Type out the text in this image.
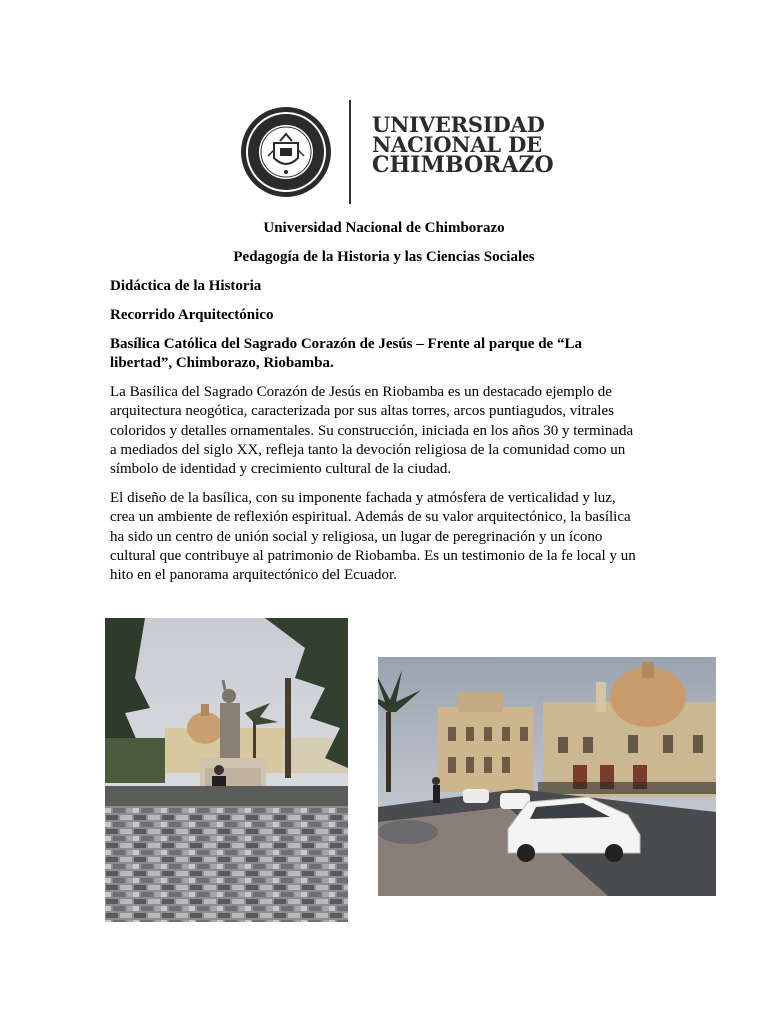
UNIVERSIDAD

NACIONAL DE

CHIMBORAZO

Universidad Nacional de Chimborazo
Pedagogía de la Historia y las Ciencias Sociales
Didáctica de la Historia
Recorrido Arquitectónico
Basílica Católica del Sagrado Corazón de Jesús – Frente al parque de “La
libertad”, Chimborazo, Riobamba.
La Basílica del Sagrado Corazón de Jesús en Riobamba es un destacado ejemplo de
arquitectura neogótica, caracterizada por sus altas torres, arcos puntiagudos, vitrales
coloridos y detalles ornamentales. Su construcción, iniciada en los años 30 y terminada
a mediados del siglo XX, refleja tanto la devoción religiosa de la comunidad como un
símbolo de identidad y crecimiento cultural de la ciudad.
El diseño de la basílica, con su imponente fachada y atmósfera de verticalidad y luz,
crea un ambiente de reflexión espiritual. Además de su valor arquitectónico, la basílica
ha sido un centro de unión social y religiosa, un lugar de peregrinación y un ícono
cultural que contribuye al patrimonio de Riobamba. Es un testimonio de la fe local y un
hito en el panorama arquitectónico del Ecuador.
